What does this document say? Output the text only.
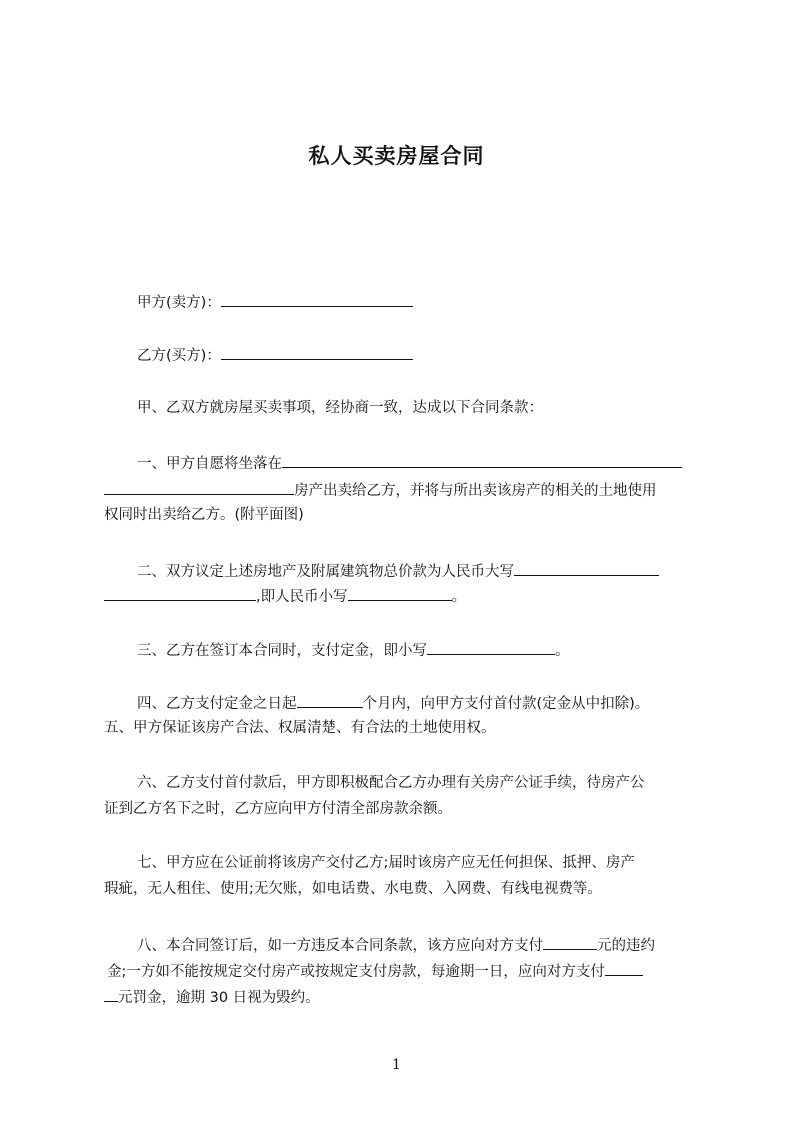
私人买卖房屋合同
甲方(卖方)：
乙方(买方)：
甲、乙双方就房屋买卖事项，经协商一致，达成以下合同条款：
一、甲方自愿将坐落在
房产出卖给乙方，并将与所出卖该房产的相关的土地使用
权同时出卖给乙方。(附平面图)
二、双方议定上述房地产及附属建筑物总价款为人民币大写
,即人民币小写	。
三、乙方在签订本合同时，支付定金，即小写	。
四、乙方支付定金之日起	个月内，向甲方支付首付款(定金从中扣除)。
五、甲方保证该房产合法、权属清楚、有合法的土地使用权。
六、乙方支付首付款后，甲方即积极配合乙方办理有关房产公证手续，待房产公
证到乙方名下之时，乙方应向甲方付清全部房款余额。
七、甲方应在公证前将该房产交付乙方;届时该房产应无任何担保、抵押、房产
瑕疵，无人租住、使用;无欠账，如电话费、水电费、入网费、有线电视费等。
八、本合同签订后，如一方违反本合同条款，该方应向对方支付	元的违约
金;一方如不能按规定交付房产或按规定支付房款，每逾期一日，应向对方支付
元罚金，逾期 30 日视为毁约。
1
